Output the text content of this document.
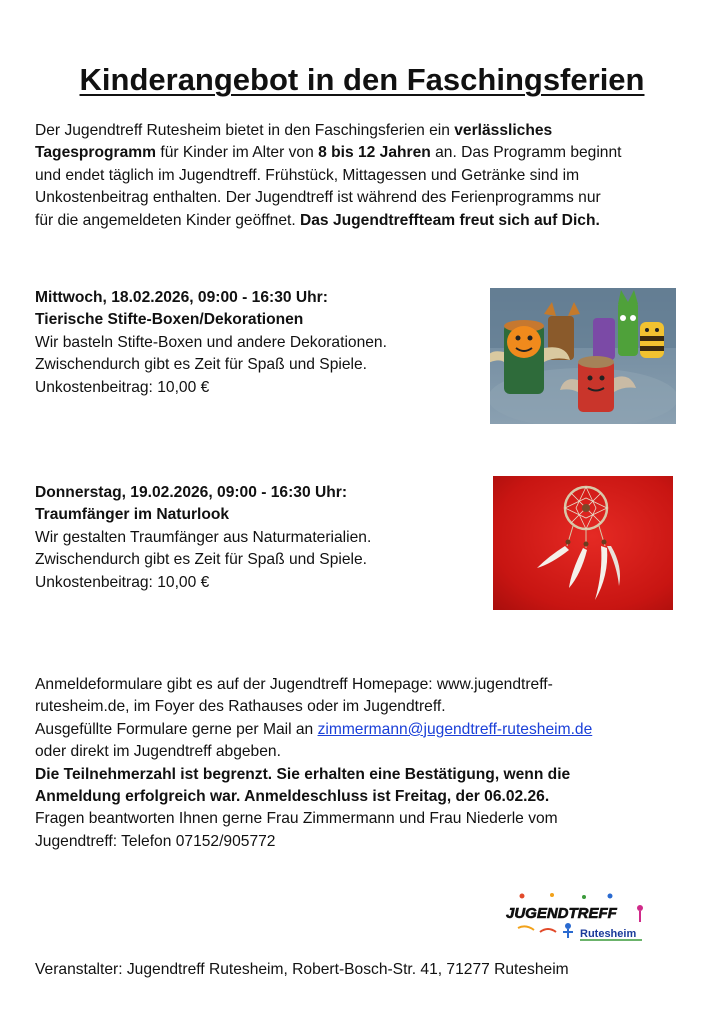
Kinderangebot in den Faschingsferien
Der Jugendtreff Rutesheim bietet in den Faschingsferien ein verlässliches
Tagesprogramm für Kinder im Alter von 8 bis 12 Jahren an. Das Programm beginnt
und endet täglich im Jugendtreff. Frühstück, Mittagessen und Getränke sind im
Unkostenbeitrag enthalten. Der Jugendtreff ist während des Ferienprogramms nur
für die angemeldeten Kinder geöffnet. Das Jugendtreffteam freut sich auf Dich.
Mittwoch, 18.02.2026, 09:00 - 16:30 Uhr:
Tierische Stifte-Boxen/Dekorationen
Wir basteln Stifte-Boxen und andere Dekorationen.
Zwischendurch gibt es Zeit für Spaß und Spiele.
Unkostenbeitrag: 10,00 €
Donnerstag, 19.02.2026, 09:00 - 16:30 Uhr:
Traumfänger im Naturlook
Wir gestalten Traumfänger aus Naturmaterialien.
Zwischendurch gibt es Zeit für Spaß und Spiele.
Unkostenbeitrag: 10,00 €
Anmeldeformulare gibt es auf der Jugendtreff Homepage: www.jugendtreff-
rutesheim.de, im Foyer des Rathauses oder im Jugendtreff.
Ausgefüllte Formulare gerne per Mail an zimmermann@jugendtreff-rutesheim.de
oder direkt im Jugendtreff abgeben.
Die Teilnehmerzahl ist begrenzt. Sie erhalten eine Bestätigung, wenn die
Anmeldung erfolgreich war. Anmeldeschluss ist Freitag, der 06.02.26.
Fragen beantworten Ihnen gerne Frau Zimmermann und Frau Niederle vom
Jugendtreff: Telefon 07152/905772
JUGENDTREFF
Rutesheim
Veranstalter: Jugendtreff Rutesheim, Robert-Bosch-Str. 41, 71277 Rutesheim
